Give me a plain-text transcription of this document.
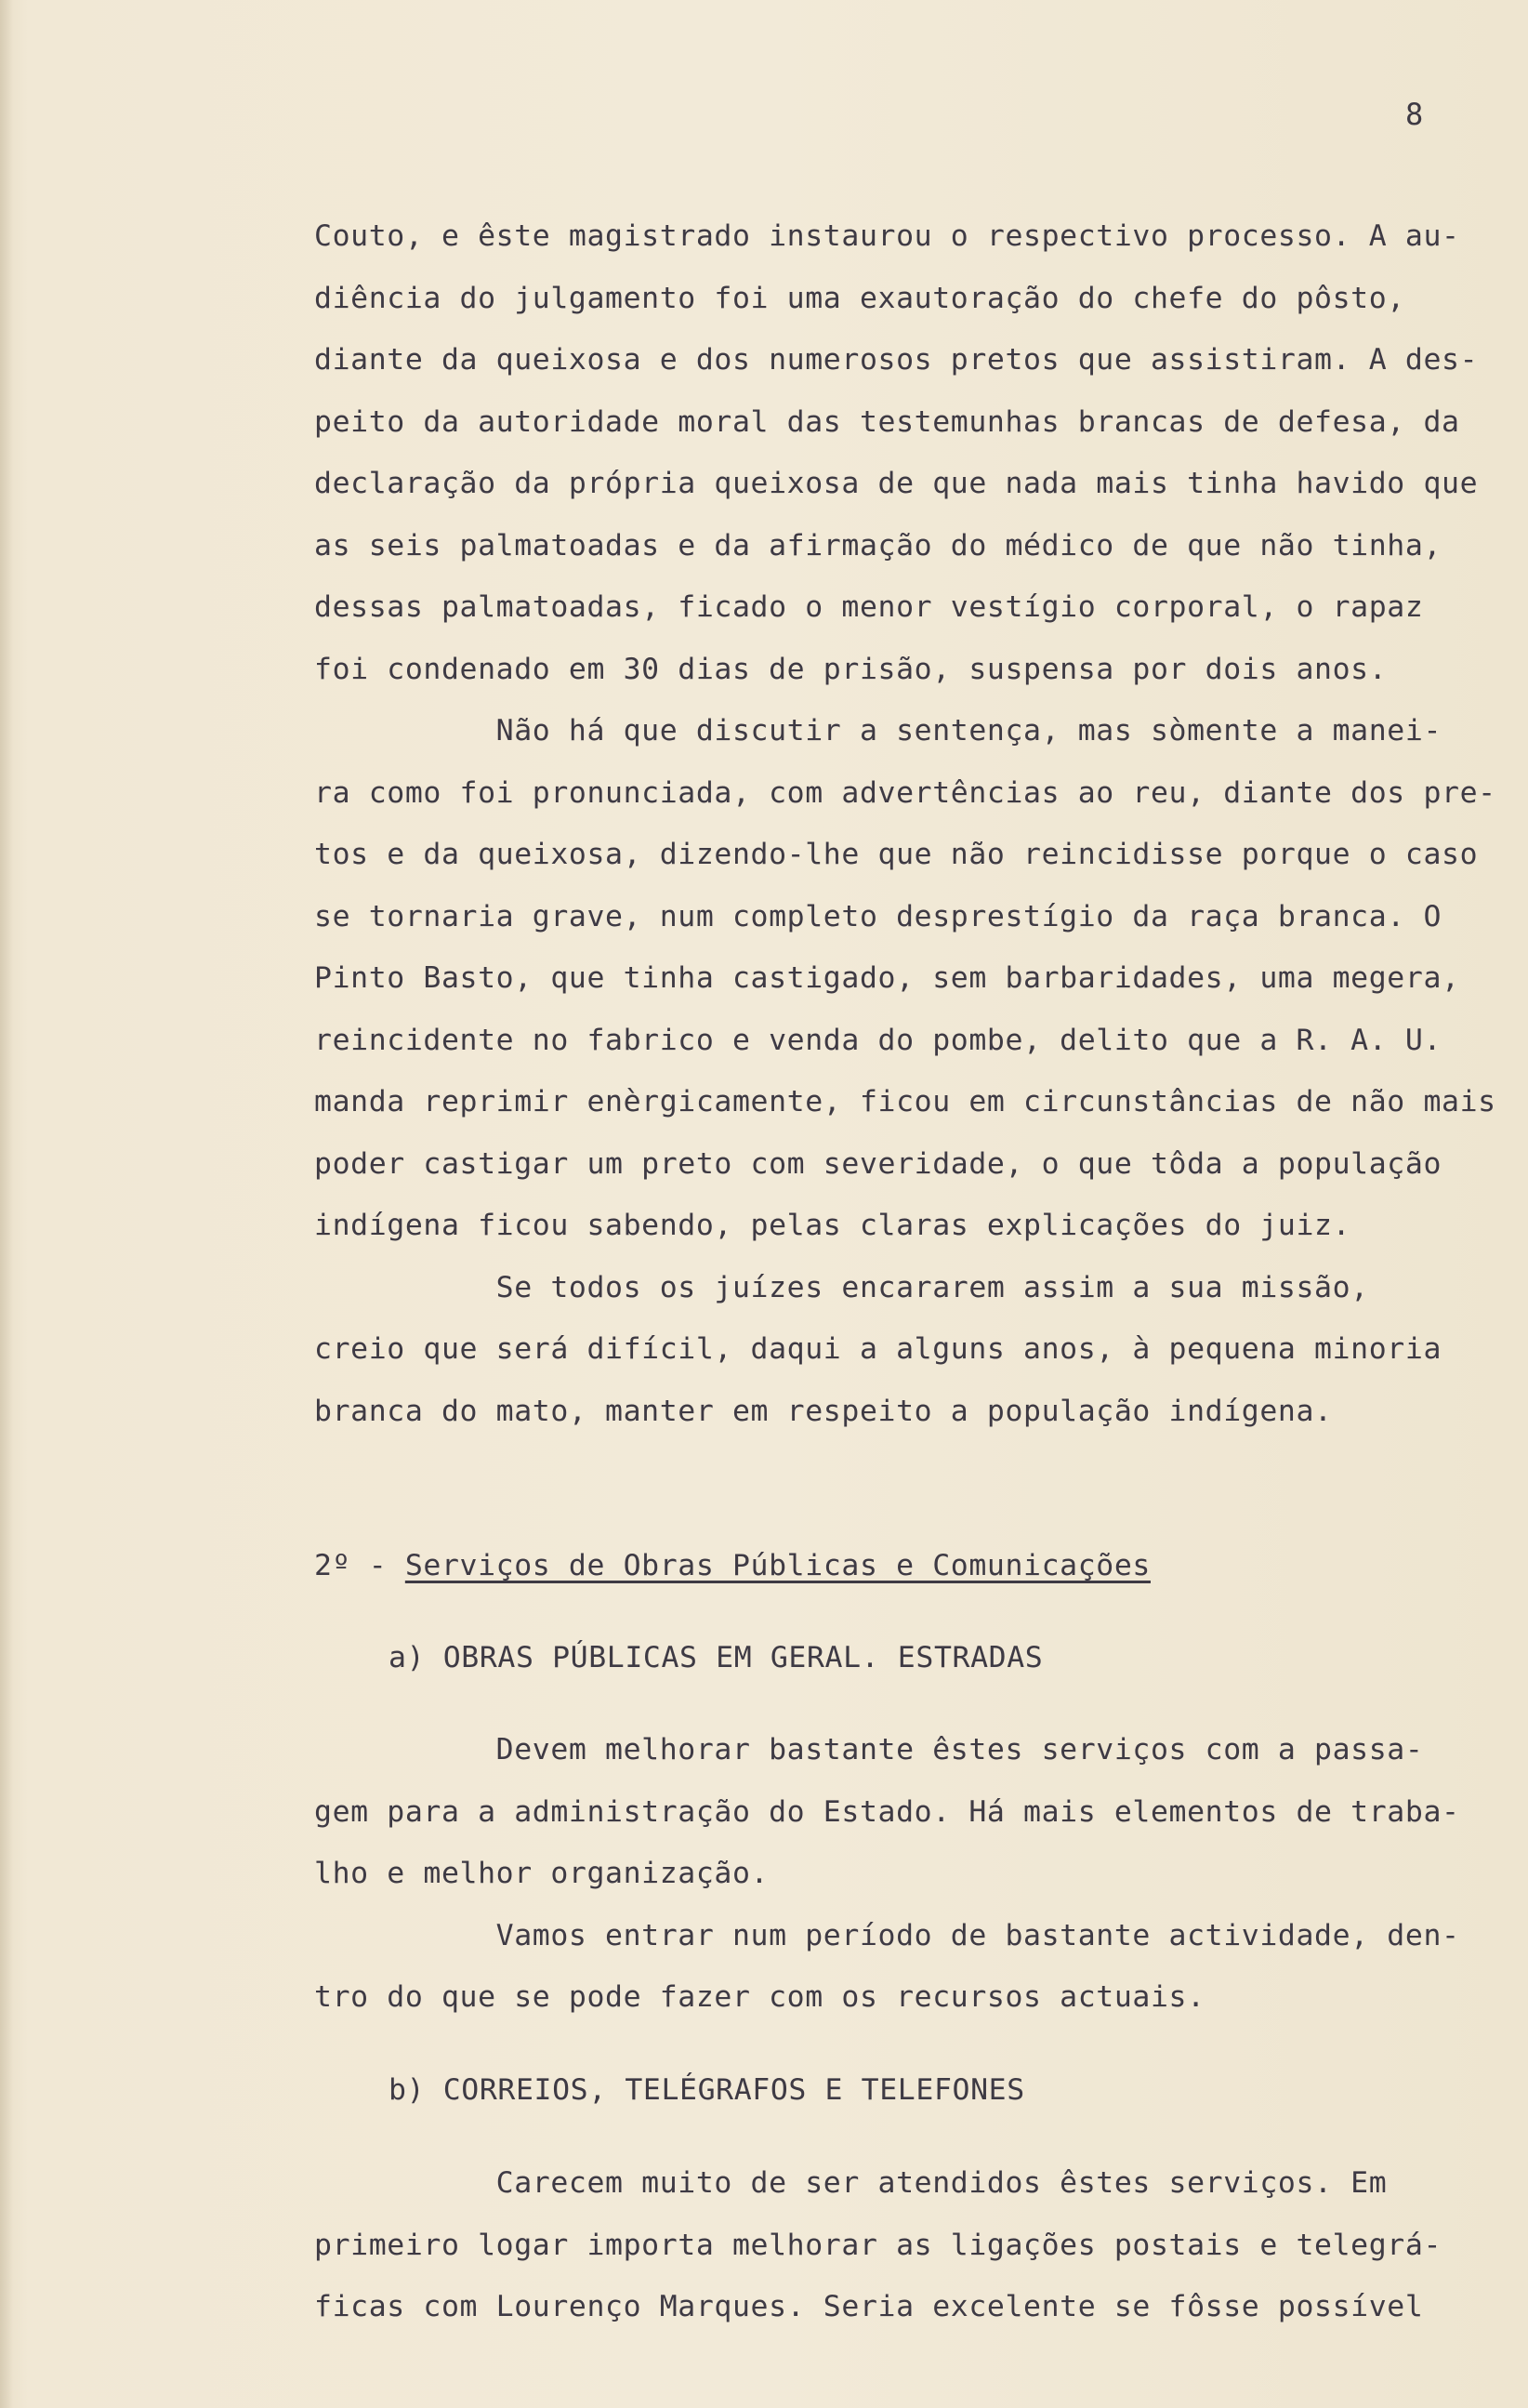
8
Couto, e êste magistrado instaurou o respectivo processo. A au-
diência do julgamento foi uma exautoração do chefe do pôsto,
diante da queixosa e dos numerosos pretos que assistiram. A des-
peito da autoridade moral das testemunhas brancas de defesa, da
declaração da própria queixosa de que nada mais tinha havido que
as seis palmatoadas e da afirmação do médico de que não tinha,
dessas palmatoadas, ficado o menor vestígio corporal, o rapaz
foi condenado em 30 dias de prisão, suspensa por dois anos.
Não há que discutir a sentença, mas sòmente a manei-
ra como foi pronunciada, com advertências ao reu, diante dos pre-
tos e da queixosa, dizendo-lhe que não reincidisse porque o caso
se tornaria grave, num completo desprestígio da raça branca. O
Pinto Basto, que tinha castigado, sem barbaridades, uma megera,
reincidente no fabrico e venda do pombe, delito que a R. A. U.
manda reprimir enèrgicamente, ficou em circunstâncias de não mais
poder castigar um preto com severidade, o que tôda a população
indígena ficou sabendo, pelas claras explicações do juiz.
Se todos os juízes encararem assim a sua missão,
creio que será difícil, daqui a alguns anos, à pequena minoria
branca do mato, manter em respeito a população indígena.
2º - Serviços de Obras Públicas e Comunicações
a) OBRAS PÚBLICAS EM GERAL. ESTRADAS
Devem melhorar bastante êstes serviços com a passa-
gem para a administração do Estado. Há mais elementos de traba-
lho e melhor organização.
Vamos entrar num período de bastante actividade, den-
tro do que se pode fazer com os recursos actuais.
b) CORREIOS, TELÉGRAFOS E TELEFONES
Carecem muito de ser atendidos êstes serviços. Em
primeiro logar importa melhorar as ligações postais e telegrá-
ficas com Lourenço Marques. Seria excelente se fôsse possível
